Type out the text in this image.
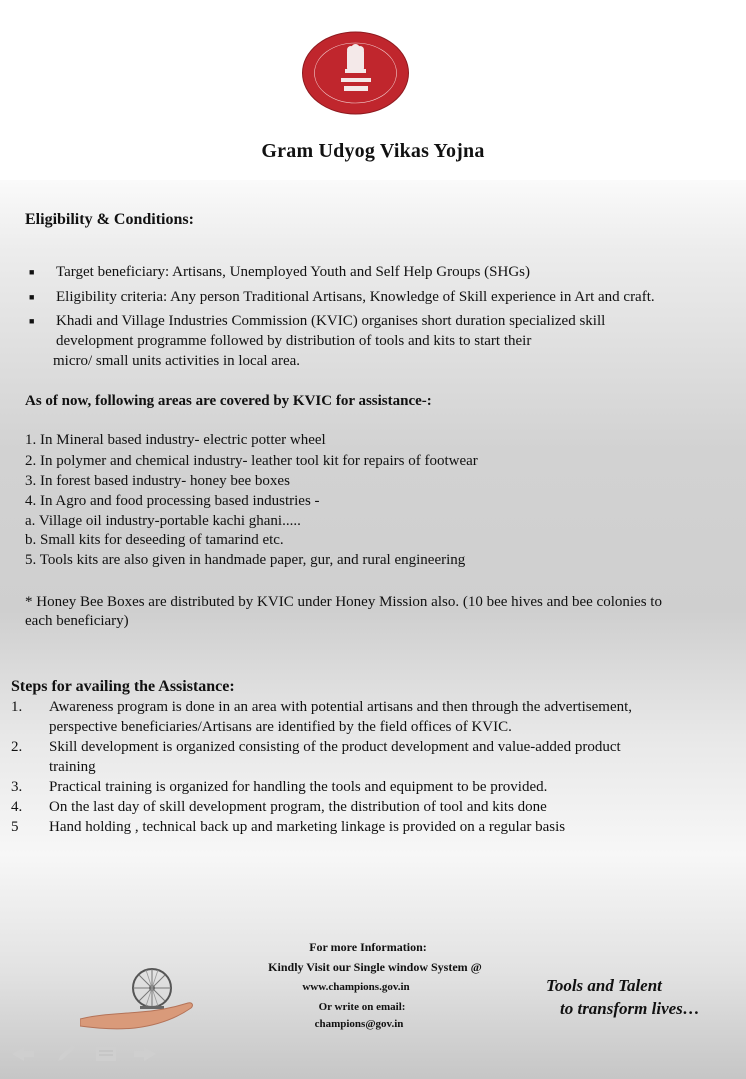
Gram Udyog Vikas Yojna
Eligibility & Conditions:
■ Target beneficiary: Artisans, Unemployed Youth and Self Help Groups (SHGs)
■ Eligibility criteria: Any person Traditional Artisans, Knowledge of Skill experience in Art and craft.
■ Khadi and Village Industries Commission (KVIC) organises short duration specialized skill
development programme followed by distribution of tools and kits to start their
micro/ small units activities in local area.
As of now, following areas are covered by KVIC for assistance-:
1. In Mineral based industry- electric potter wheel
2. In polymer and chemical industry- leather tool kit for repairs of footwear
3. In forest based industry- honey bee boxes
4. In Agro and food processing based industries -
a. Village oil industry-portable kachi ghani.....
b. Small kits for deseeding of tamarind etc.
5. Tools kits are also given in handmade paper, gur, and rural engineering
* Honey Bee Boxes are distributed by KVIC under Honey Mission also. (10 bee hives and bee colonies to
each beneficiary)
Steps for availing the Assistance:
1. Awareness program is done in an area with potential artisans and then through the advertisement,
perspective beneficiaries/Artisans are identified by the field offices of KVIC.
2. Skill development is organized consisting of the product development and value-added product
training
3. Practical training is organized for handling the tools and equipment to be provided.
4. On the last day of skill development program, the distribution of tool and kits done
5 Hand holding , technical back up and marketing linkage is provided on a regular basis
For more Information:
Kindly Visit our Single window System @
www.champions.gov.in
Or write on email:
champions@gov.in
Tools and Talent
to transform lives…
